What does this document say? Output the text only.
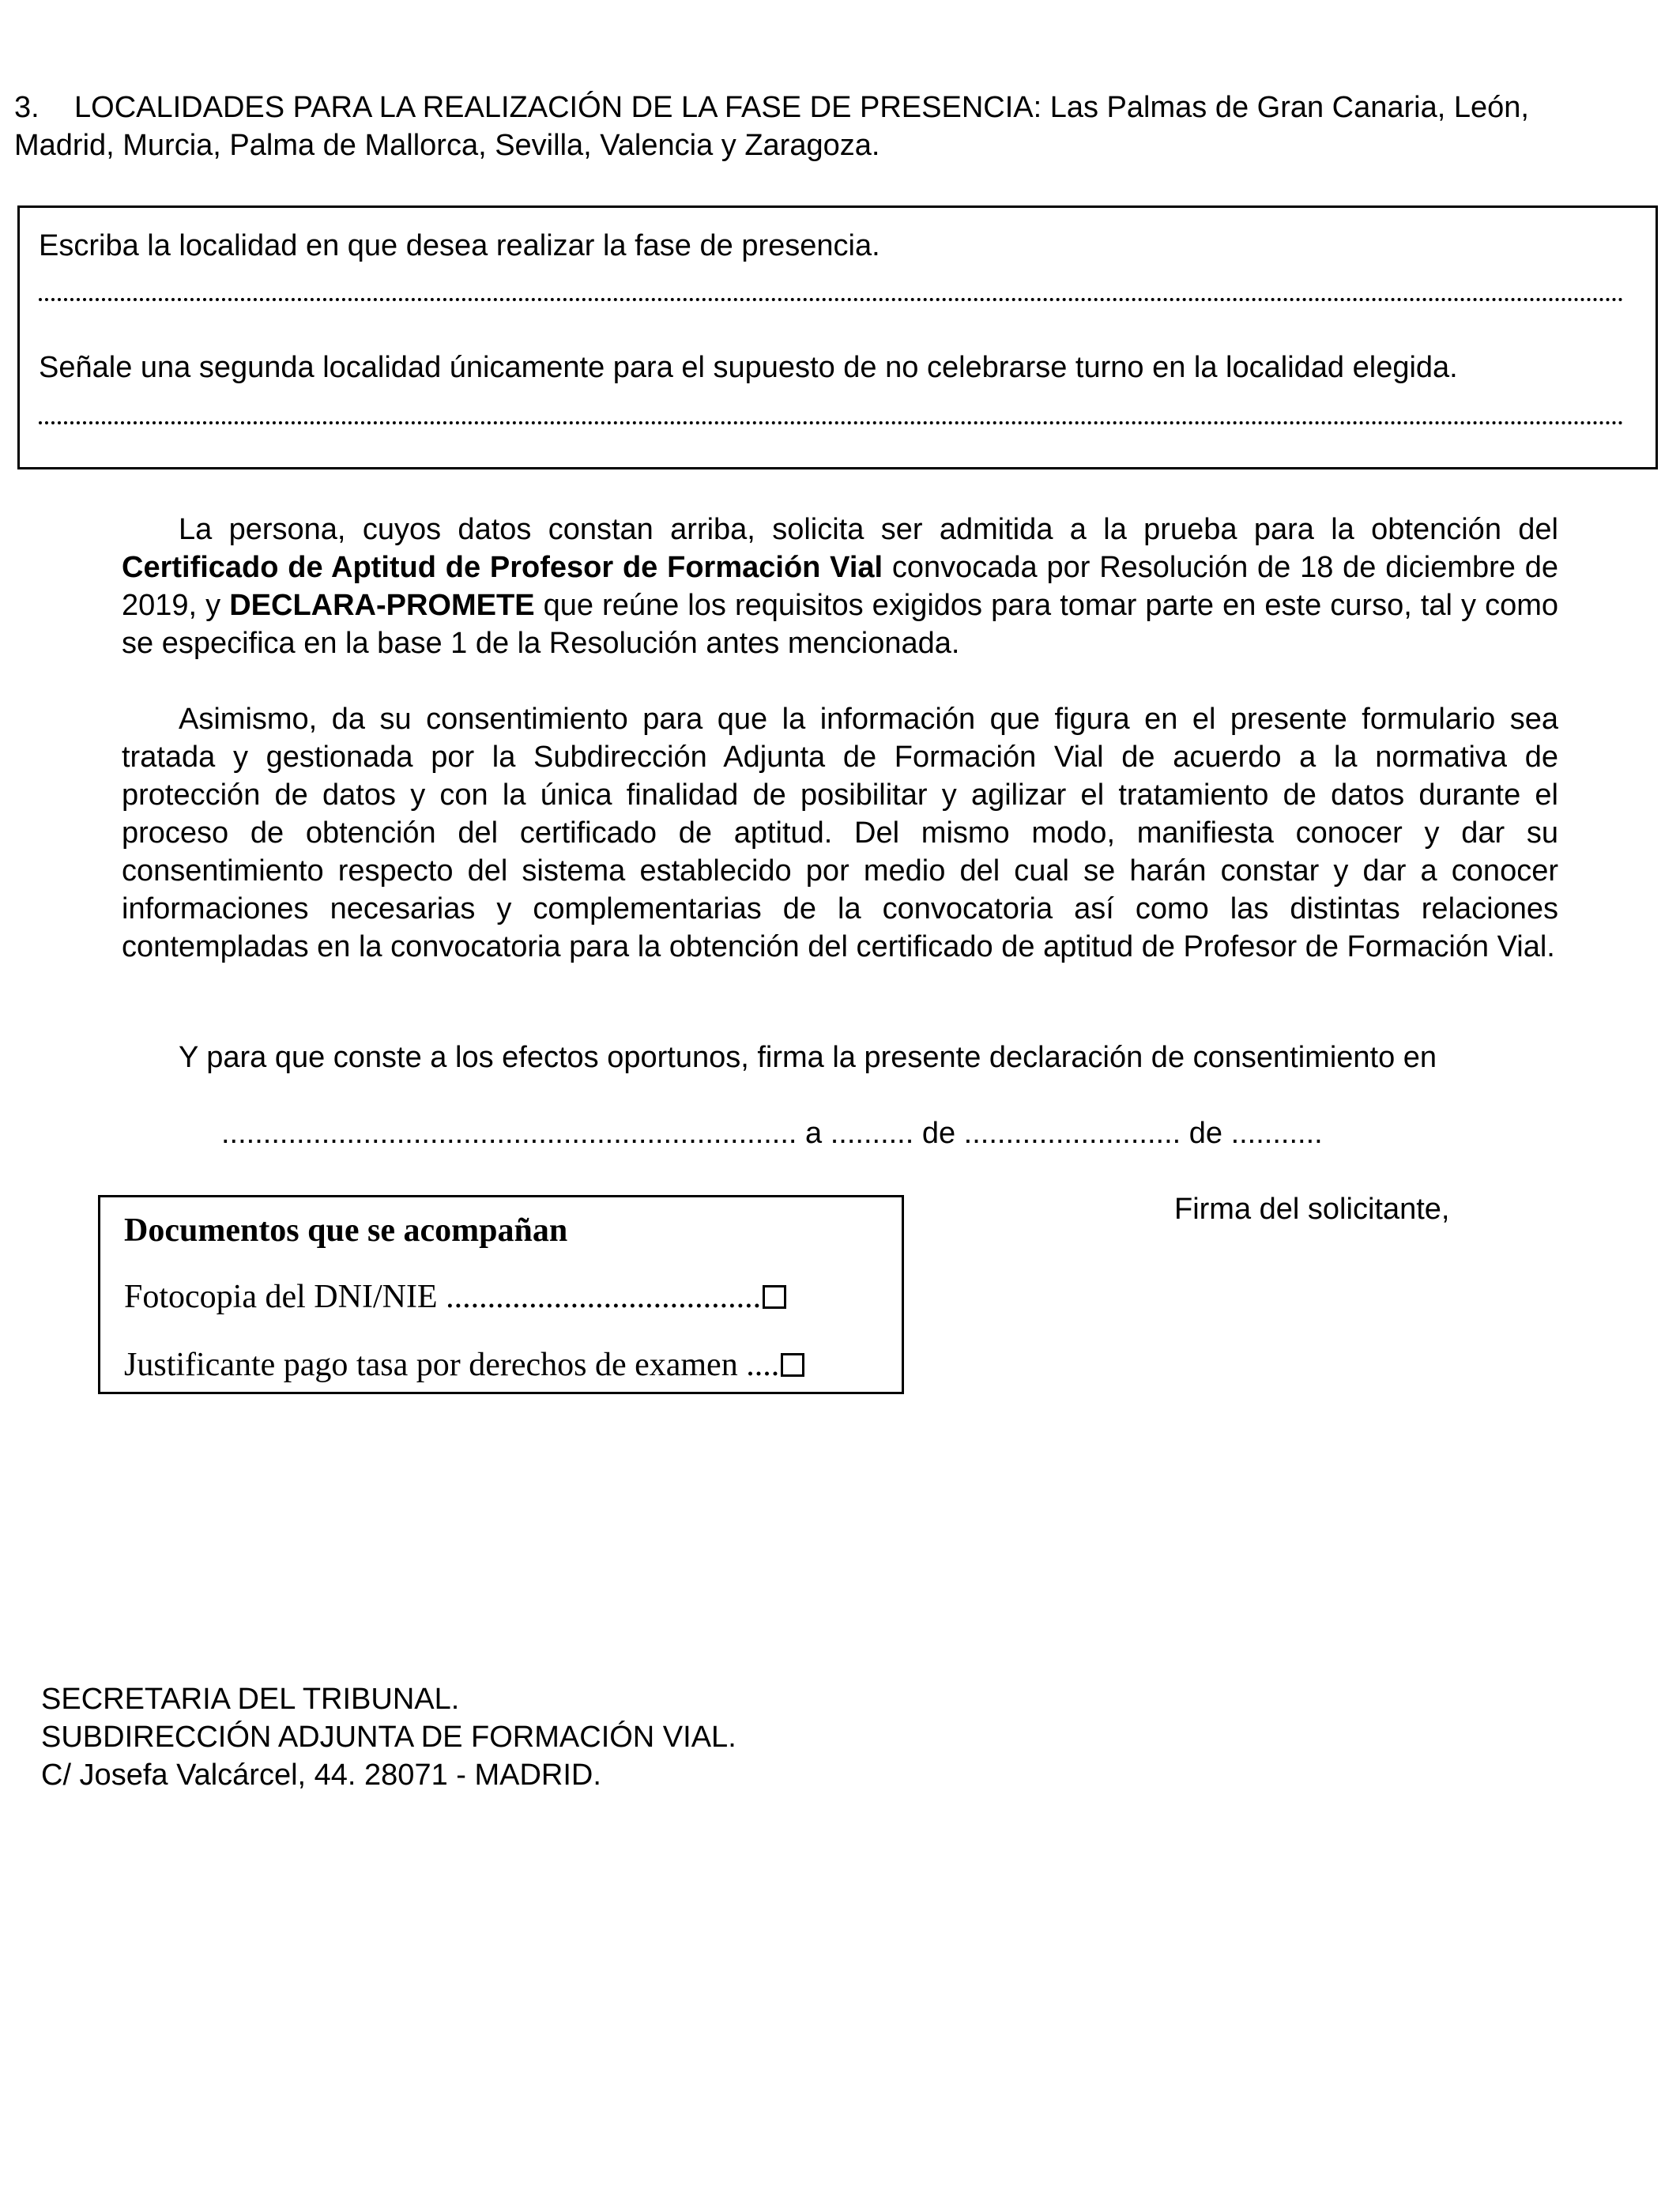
3. LOCALIDADES PARA LA REALIZACIÓN DE LA FASE DE PRESENCIA: Las Palmas de Gran Canaria, León,
Madrid, Murcia, Palma de Mallorca, Sevilla, Valencia y Zaragoza.
Escriba la localidad en que desea realizar la fase de presencia.
Señale una segunda localidad únicamente para el supuesto de no celebrarse turno en la localidad elegida.
La persona, cuyos datos constan arriba, solicita ser admitida a la prueba para la obtención del Certificado de Aptitud de Profesor de Formación Vial convocada por Resolución de 18 de diciembre de 2019, y DECLARA-PROMETE que reúne los requisitos exigidos para tomar parte en este curso, tal y como se especifica en la base 1 de la Resolución antes mencionada.
Asimismo, da su consentimiento para que la información que figura en el presente formulario sea tratada y gestionada por la Subdirección Adjunta de Formación Vial de acuerdo a la normativa de protección de datos y con la única finalidad de posibilitar y agilizar el tratamiento de datos durante el proceso de obtención del certificado de aptitud. Del mismo modo, manifiesta conocer y dar su consentimiento respecto del sistema establecido por medio del cual se harán constar y dar a conocer informaciones necesarias y complementarias de la convocatoria así como las distintas relaciones contempladas en la convocatoria para la obtención del certificado de aptitud de Profesor de Formación Vial.
Y para que conste a los efectos oportunos, firma la presente declaración de consentimiento en
..................................................................... a .......... de .......................... de ...........
Documentos que se acompañan
Fotocopia del DNI/NIE ......................................
Justificante pago tasa por derechos de examen ....
Firma del solicitante,
SECRETARIA DEL TRIBUNAL.
SUBDIRECCIÓN ADJUNTA DE FORMACIÓN VIAL.
C/ Josefa Valcárcel, 44. 28071 - MADRID.
